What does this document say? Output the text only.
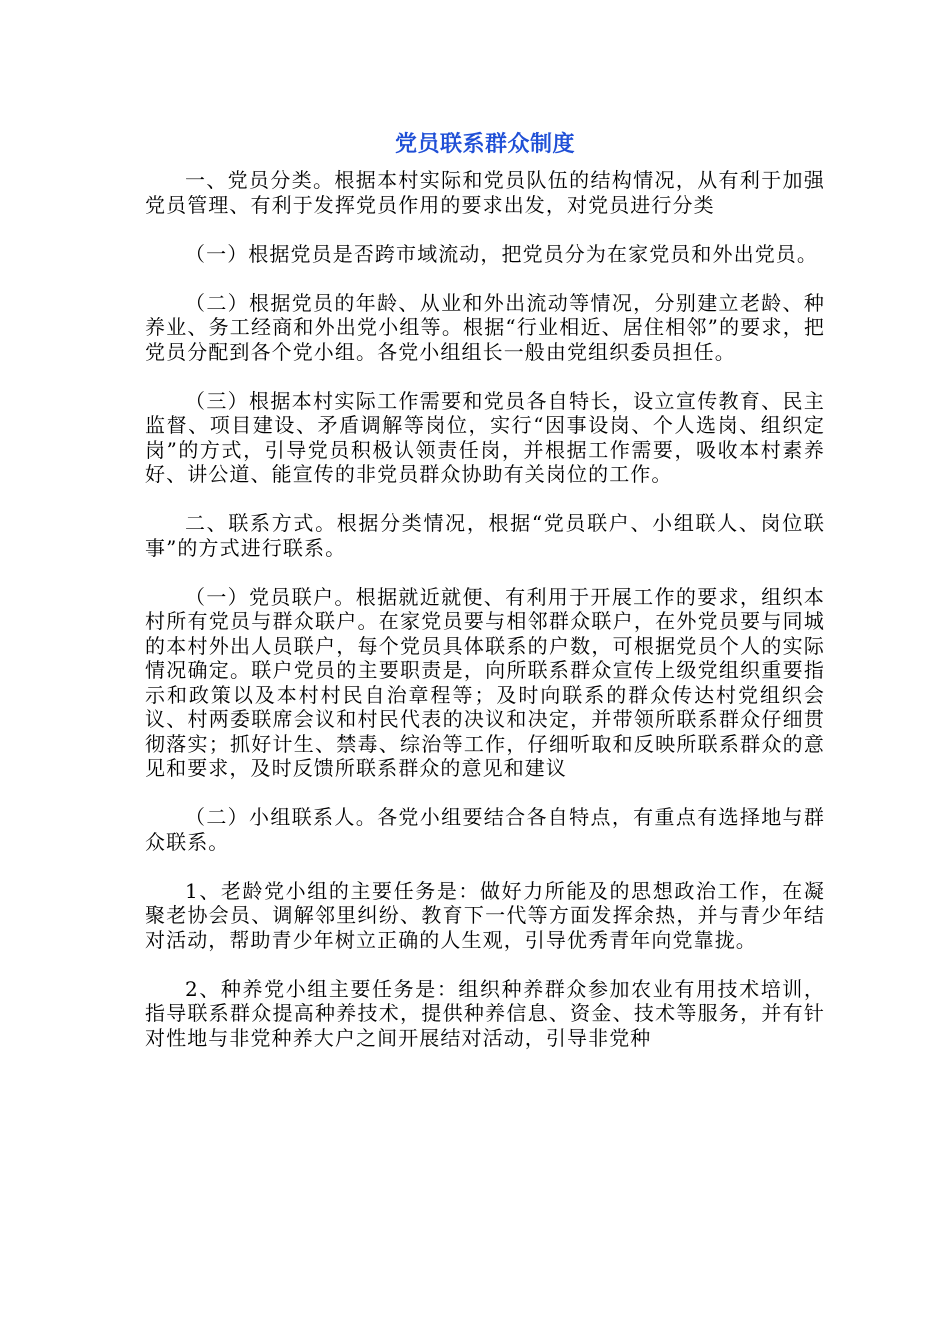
党员联系群众制度

一、党员分类。根据本村实际和党员队伍的结构情况，从有利于加强党员管理、有利于发挥党员作用的要求出发，对党员进行分类

（一）根据党员是否跨市域流动，把党员分为在家党员和外出党员。

（二）根据党员的年龄、从业和外出流动等情况，分别建立老龄、种养业、务工经商和外出党小组等。根据“行业相近、居住相邻”的要求，把党员分配到各个党小组。各党小组组长一般由党组织委员担任。

（三）根据本村实际工作需要和党员各自特长，设立宣传教育、民主监督、项目建设、矛盾调解等岗位，实行“因事设岗、个人选岗、组织定岗”的方式，引导党员积极认领责任岗，并根据工作需要，吸收本村素养好、讲公道、能宣传的非党员群众协助有关岗位的工作。

二、联系方式。根据分类情况，根据“党员联户、小组联人、岗位联事”的方式进行联系。

（一）党员联户。根据就近就便、有利用于开展工作的要求，组织本村所有党员与群众联户。在家党员要与相邻群众联户，在外党员要与同城的本村外出人员联户，每个党员具体联系的户数，可根据党员个人的实际情况确定。联户党员的主要职责是，向所联系群众宣传上级党组织重要指示和政策以及本村村民自治章程等；及时向联系的群众传达村党组织会议、村两委联席会议和村民代表的决议和决定，并带领所联系群众仔细贯彻落实；抓好计生、禁毒、综治等工作，仔细听取和反映所联系群众的意见和要求，及时反馈所联系群众的意见和建议

（二）小组联系人。各党小组要结合各自特点，有重点有选择地与群众联系。

1、老龄党小组的主要任务是：做好力所能及的思想政治工作，在凝聚老协会员、调解邻里纠纷、教育下一代等方面发挥余热，并与青少年结对活动，帮助青少年树立正确的人生观，引导优秀青年向党靠拢。

2、种养党小组主要任务是：组织种养群众参加农业有用技术培训，指导联系群众提高种养技术，提供种养信息、资金、技术等服务，并有针对性地与非党种养大户之间开展结对活动，引导非党种
